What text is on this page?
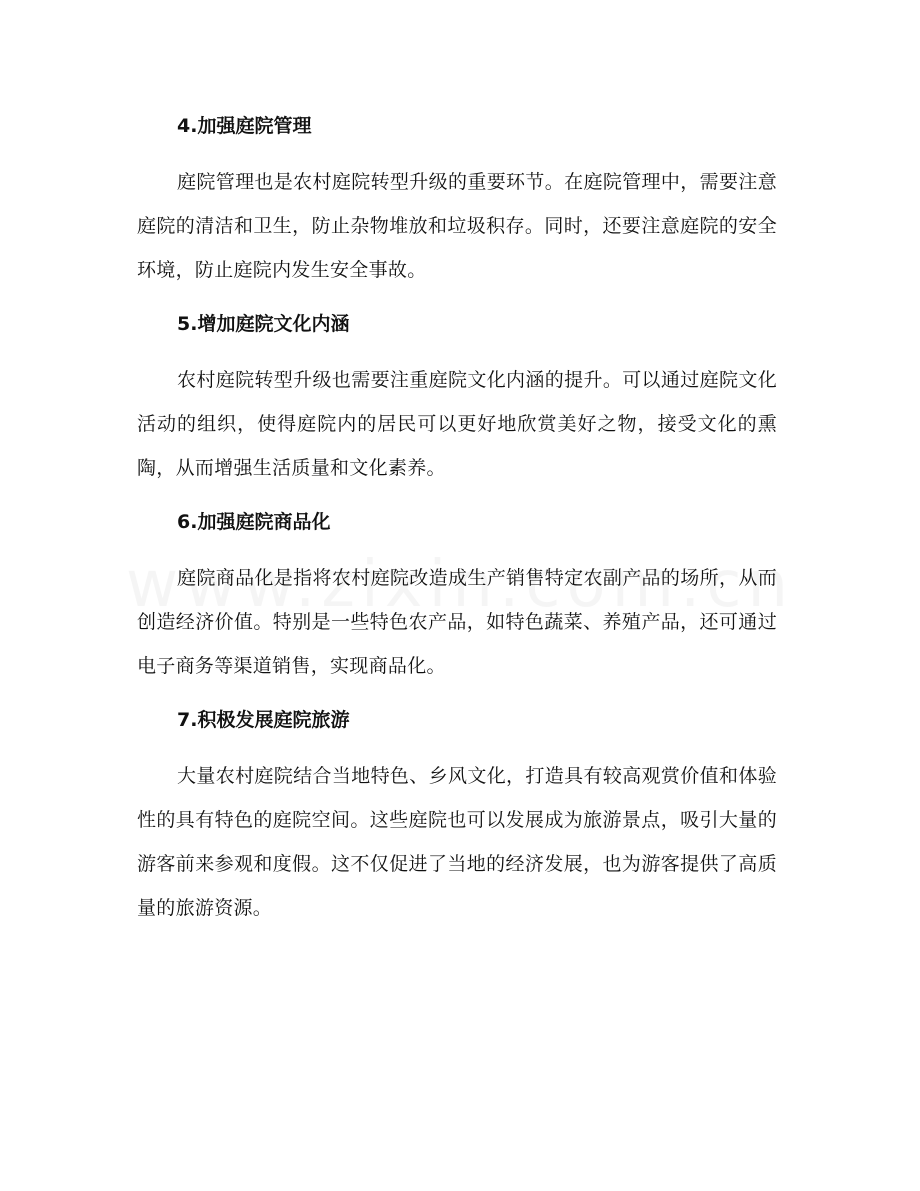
4.加强庭院管理

庭院管理也是农村庭院转型升级的重要环节。在庭院管理中，需要注意庭院的清洁和卫生，防止杂物堆放和垃圾积存。同时，还要注意庭院的安全环境，防止庭院内发生安全事故。

5.增加庭院文化内涵

农村庭院转型升级也需要注重庭院文化内涵的提升。可以通过庭院文化活动的组织，使得庭院内的居民可以更好地欣赏美好之物，接受文化的熏陶，从而增强生活质量和文化素养。

6.加强庭院商品化

庭院商品化是指将农村庭院改造成生产销售特定农副产品的场所，从而创造经济价值。特别是一些特色农产品，如特色蔬菜、养殖产品，还可通过电子商务等渠道销售，实现商品化。

7.积极发展庭院旅游

大量农村庭院结合当地特色、乡风文化，打造具有较高观赏价值和体验性的具有特色的庭院空间。这些庭院也可以发展成为旅游景点，吸引大量的游客前来参观和度假。这不仅促进了当地的经济发展，也为游客提供了高质量的旅游资源。
